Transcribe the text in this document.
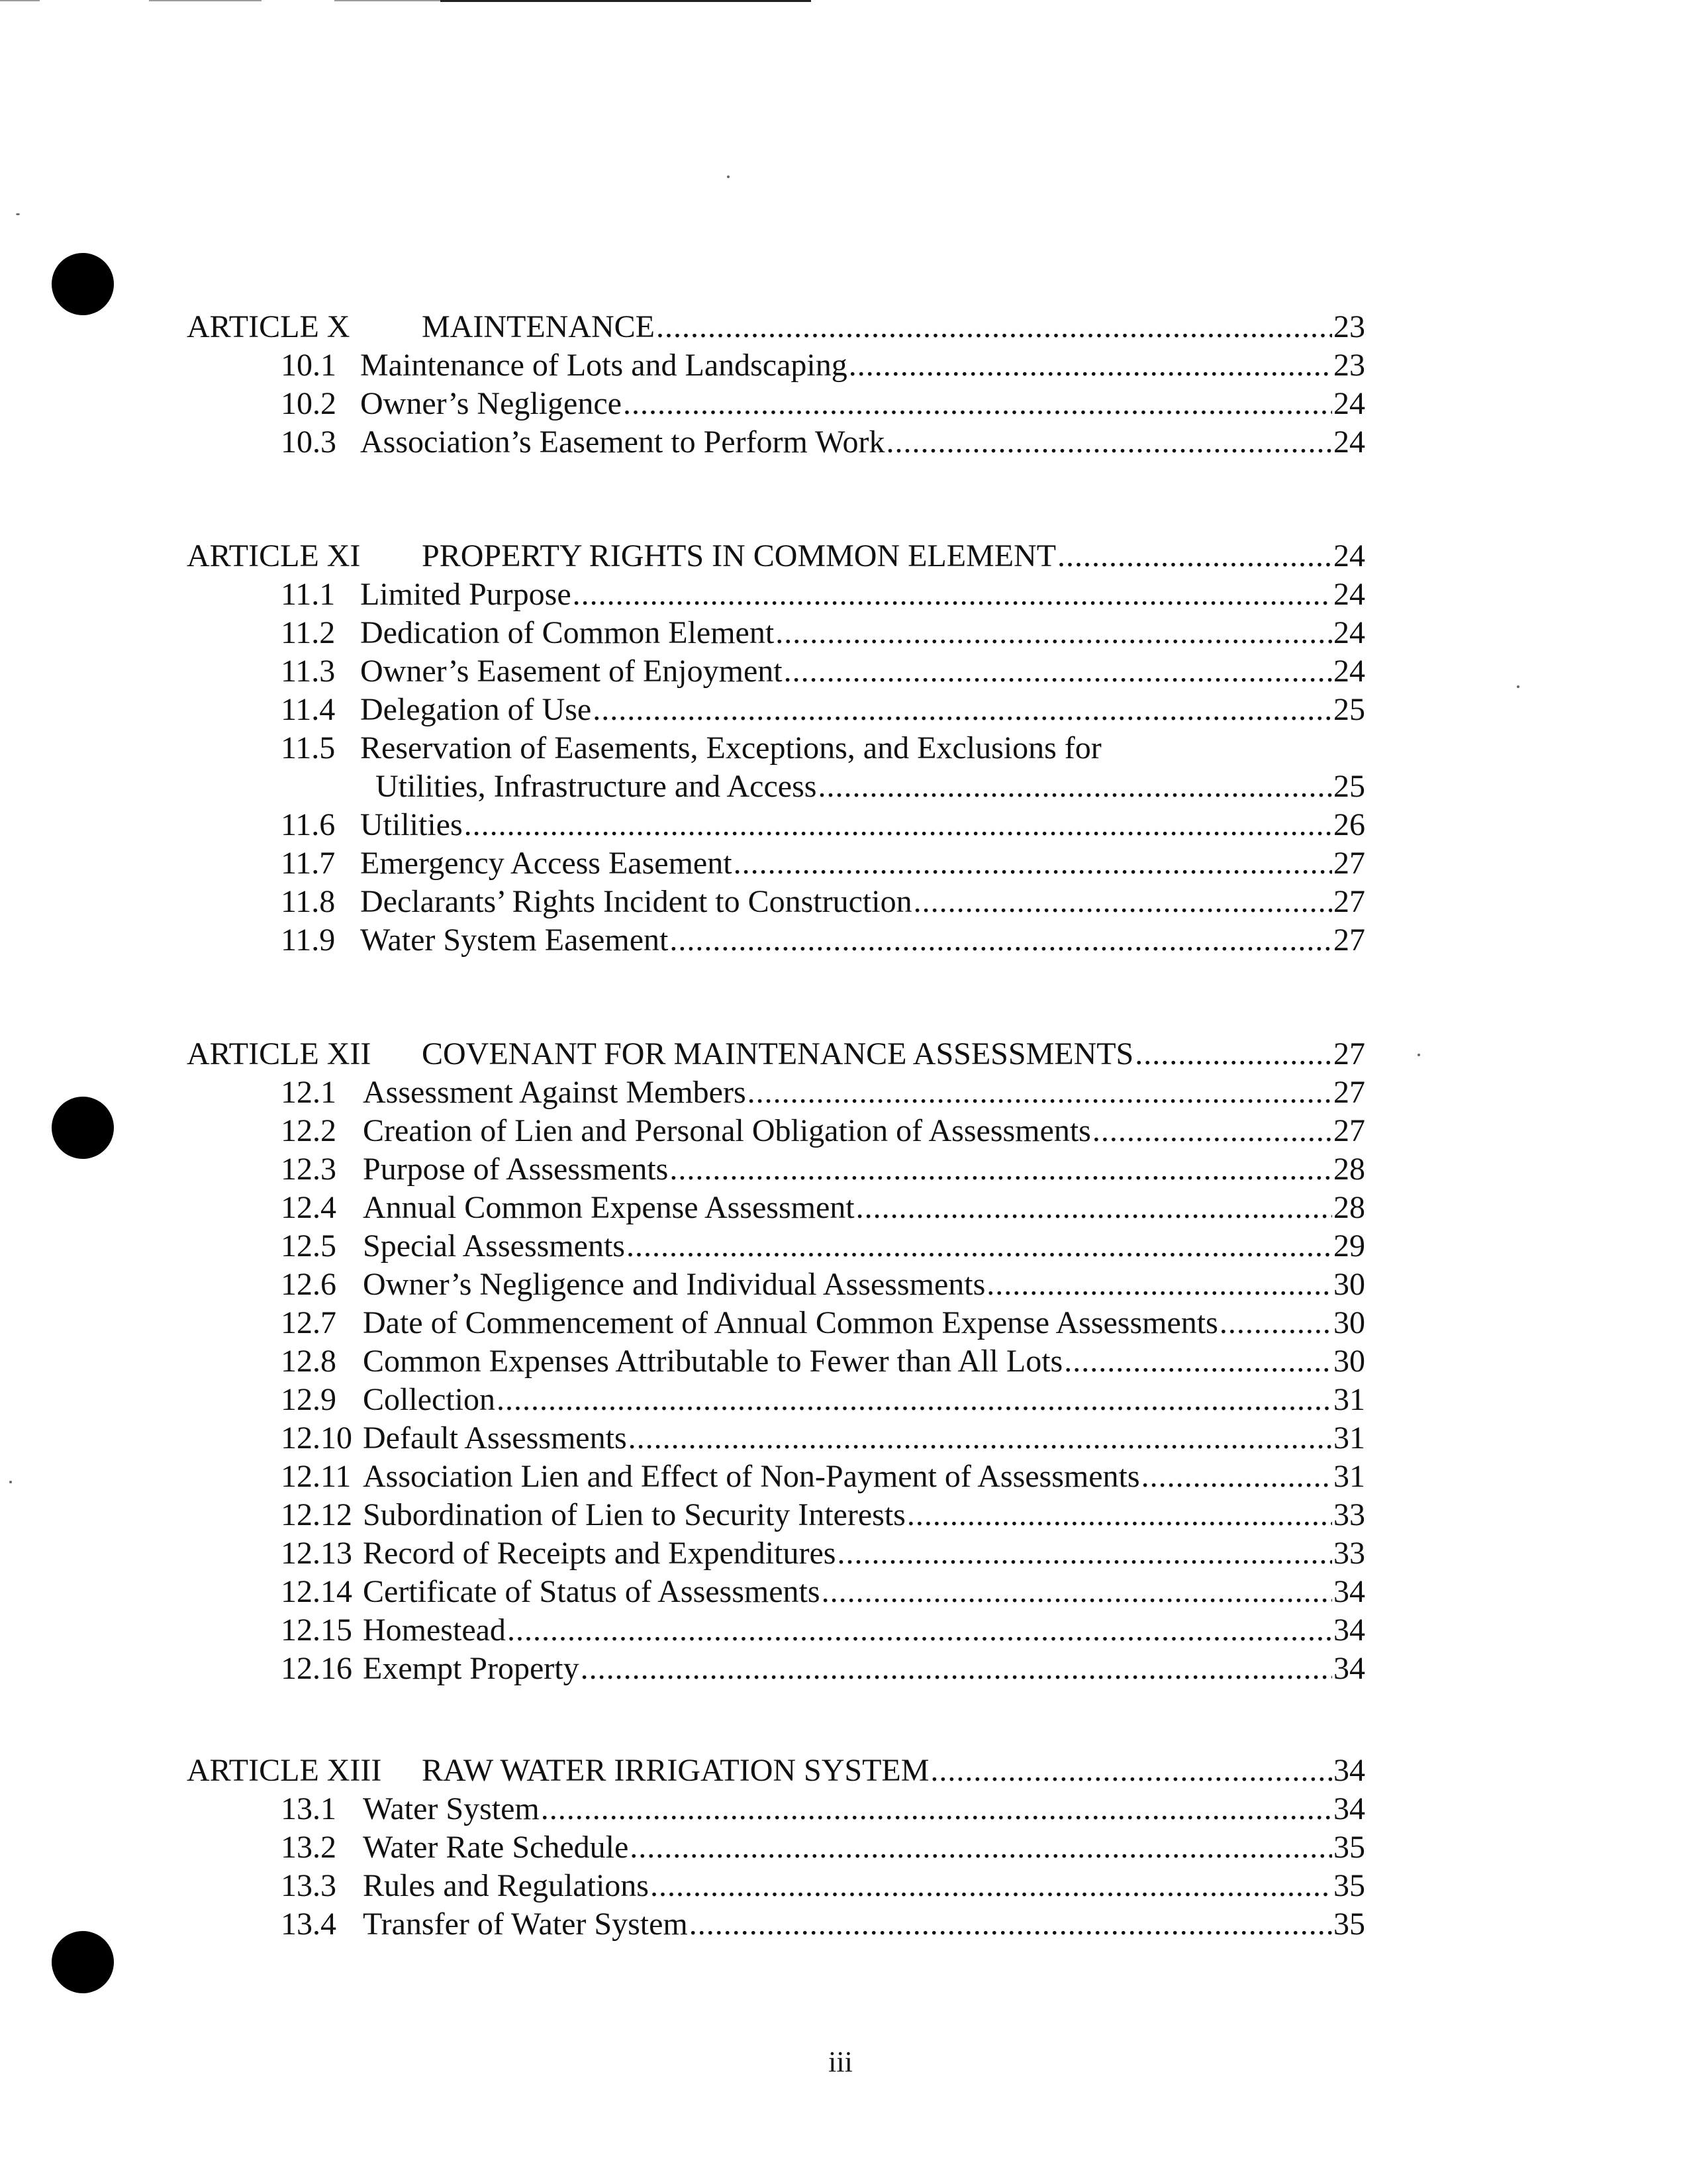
ARTICLE X	MAINTENANCE .....	23
10.1 Maintenance of Lots and Landscaping .....	23
10.2 Owner’s Negligence .....	24
10.3 Association’s Easement to Perform Work .....	24
ARTICLE XI	PROPERTY RIGHTS IN COMMON ELEMENT .....	24
11.1 Limited Purpose .....	24
11.2 Dedication of Common Element .....	24
11.3 Owner’s Easement of Enjoyment .....	24
11.4 Delegation of Use .....	25
11.5 Reservation of Easements, Exceptions, and Exclusions for
Utilities, Infrastructure and Access .....	25
11.6 Utilities .....	26
11.7 Emergency Access Easement .....	27
11.8 Declarants’ Rights Incident to Construction .....	27
11.9 Water System Easement .....	27
ARTICLE XII	COVENANT FOR MAINTENANCE ASSESSMENTS .....	27
12.1 Assessment Against Members .....	27
12.2 Creation of Lien and Personal Obligation of Assessments .....	27
12.3 Purpose of Assessments .....	28
12.4 Annual Common Expense Assessment .....	28
12.5 Special Assessments .....	29
12.6 Owner’s Negligence and Individual Assessments .....	30
12.7 Date of Commencement of Annual Common Expense Assessments .....	30
12.8 Common Expenses Attributable to Fewer than All Lots .....	30
12.9 Collection .....	31
12.10 Default Assessments .....	31
12.11 Association Lien and Effect of Non-Payment of Assessments .....	31
12.12 Subordination of Lien to Security Interests .....	33
12.13 Record of Receipts and Expenditures .....	33
12.14 Certificate of Status of Assessments .....	34
12.15 Homestead .....	34
12.16 Exempt Property .....	34
ARTICLE XIII	RAW WATER IRRIGATION SYSTEM .....	34
13.1 Water System .....	34
13.2 Water Rate Schedule .....	35
13.3 Rules and Regulations .....	35
13.4 Transfer of Water System .....	35
iii
